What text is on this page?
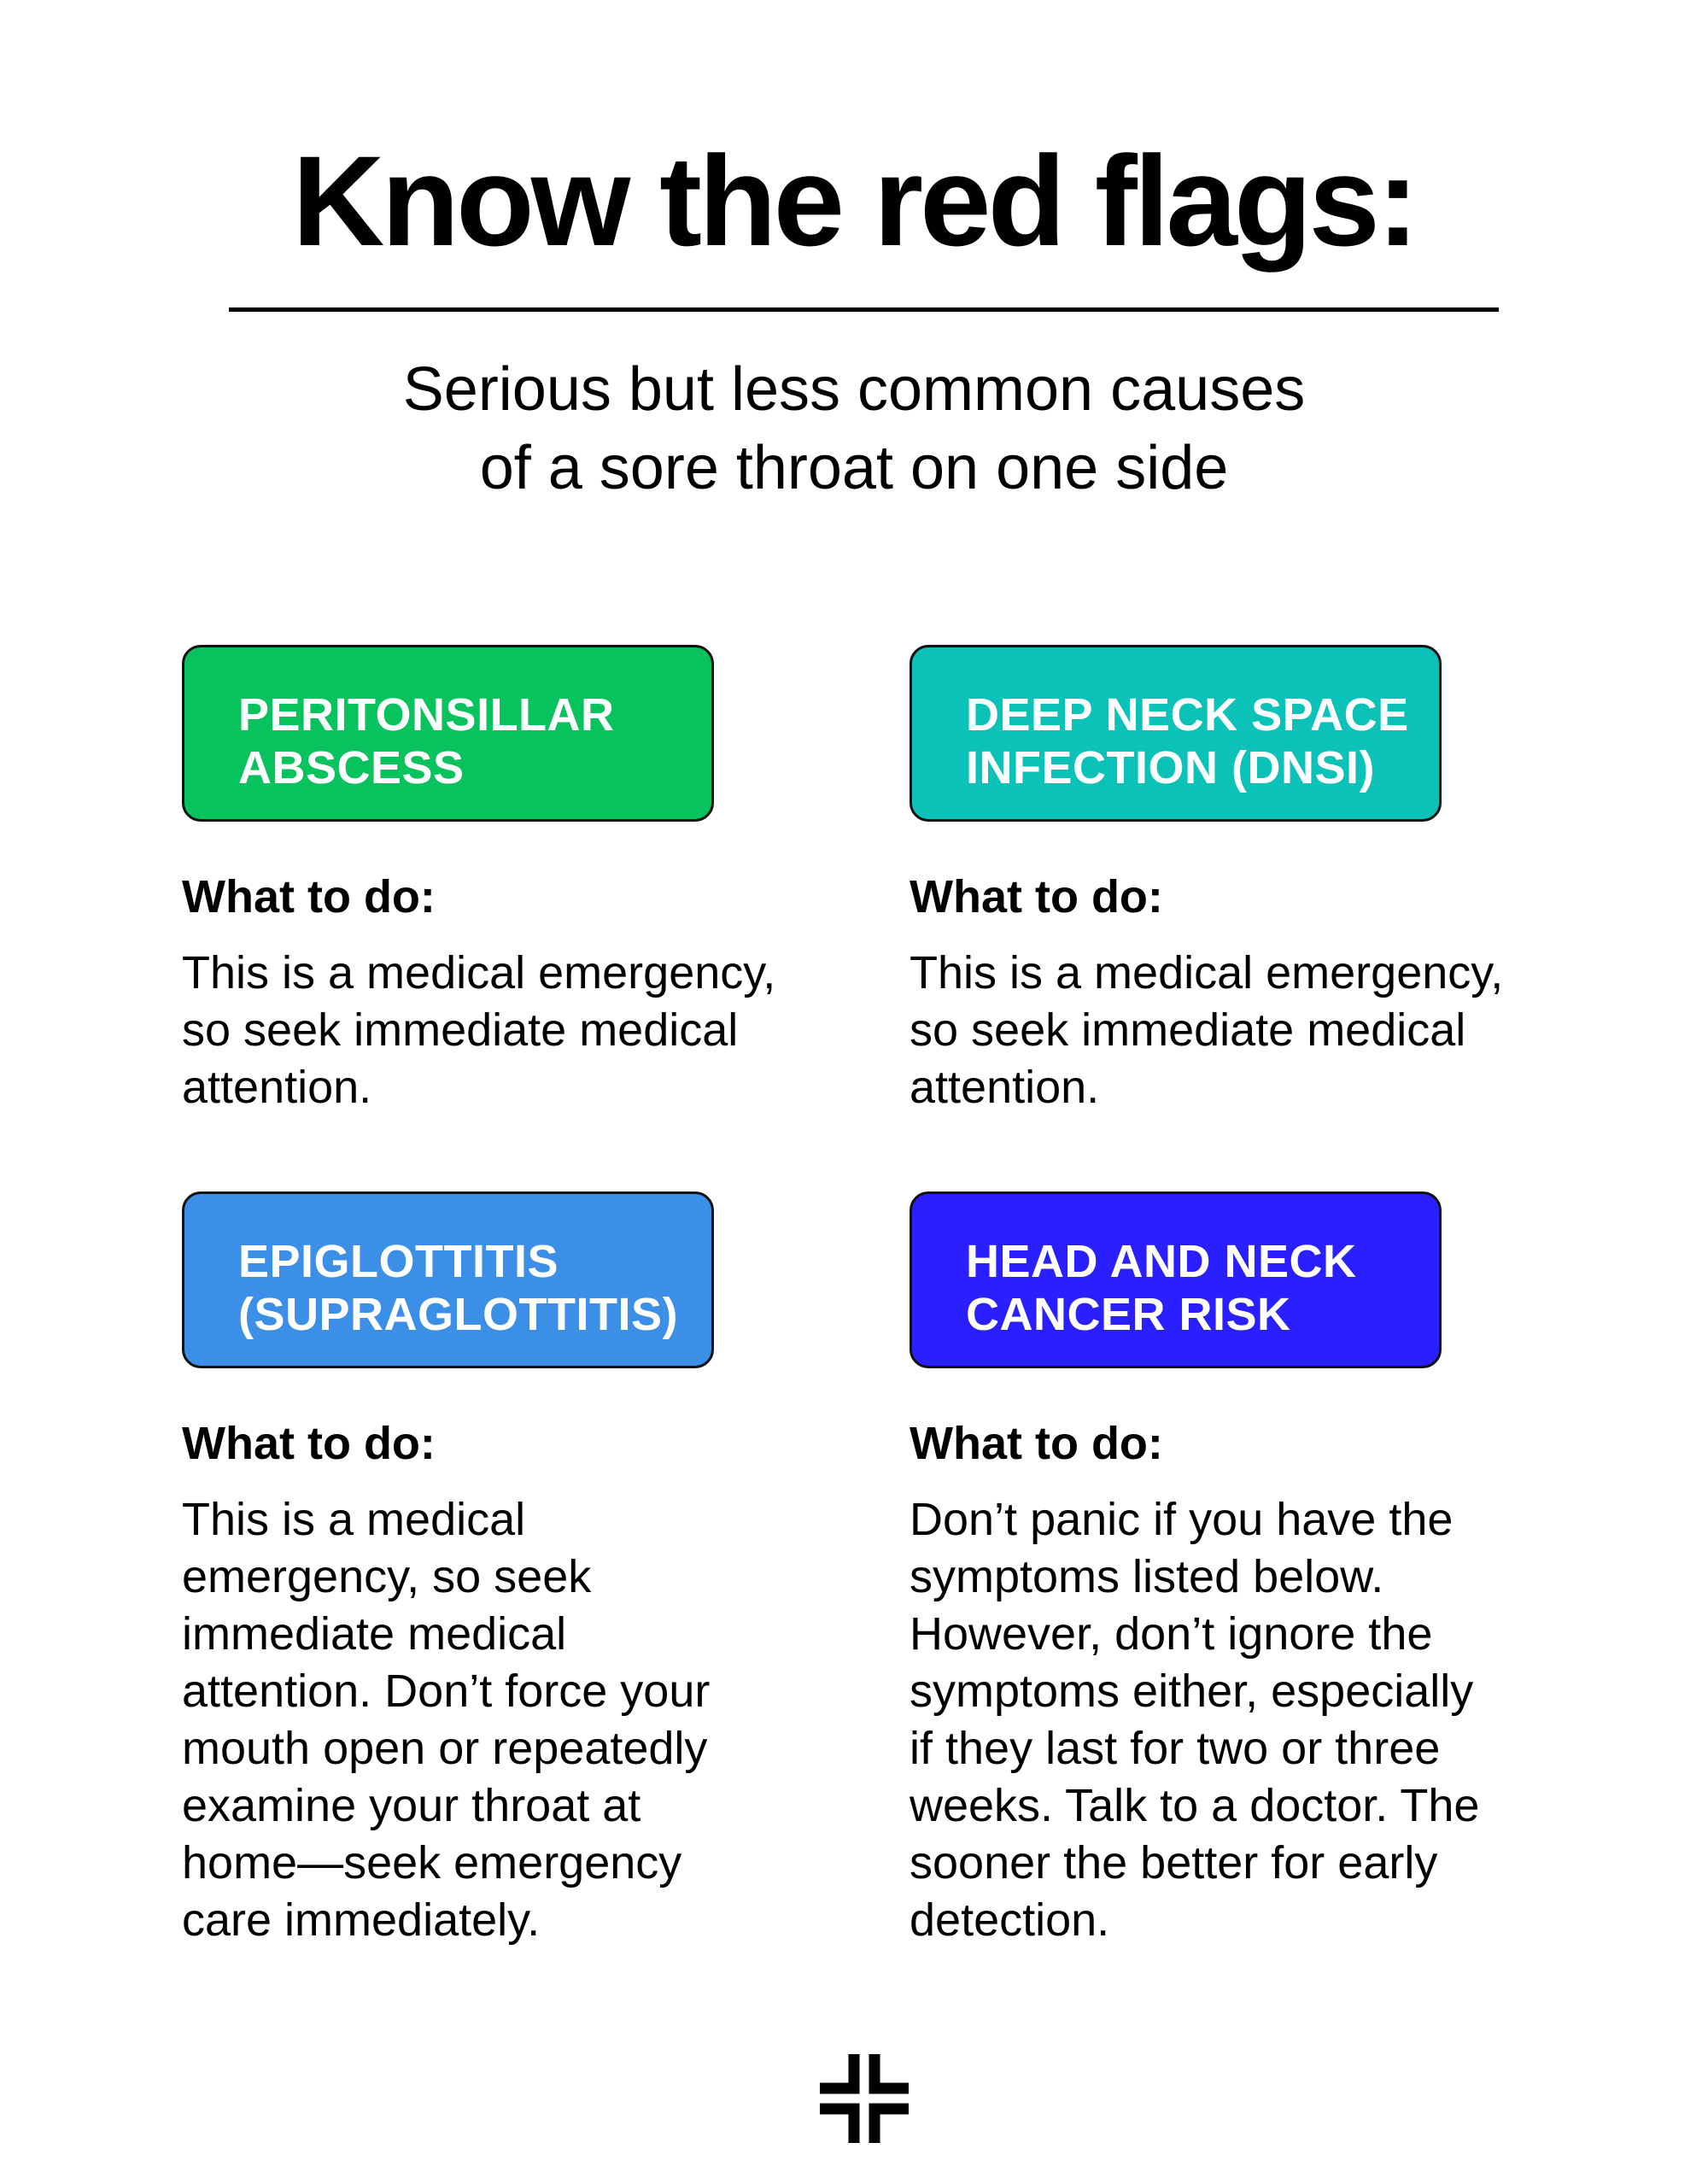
Know the red flags:

Serious but less common causes
of a sore throat on one side

PERITONSILLAR
ABSCESS
What to do:
This is a medical emergency,
so seek immediate medical
attention.
DEEP NECK SPACE
INFECTION (DNSI)
What to do:
This is a medical emergency,
so seek immediate medical
attention.
EPIGLOTTITIS
(SUPRAGLOTTITIS)
What to do:
This is a medical
emergency, so seek
immediate medical
attention. Don’t force your
mouth open or repeatedly
examine your throat at
home—seek emergency
care immediately.
HEAD AND NECK
CANCER RISK
What to do:
Don’t panic if you have the
symptoms listed below.
However, don’t ignore the
symptoms either, especially
if they last for two or three
weeks. Talk to a doctor. The
sooner the better for early
detection.
